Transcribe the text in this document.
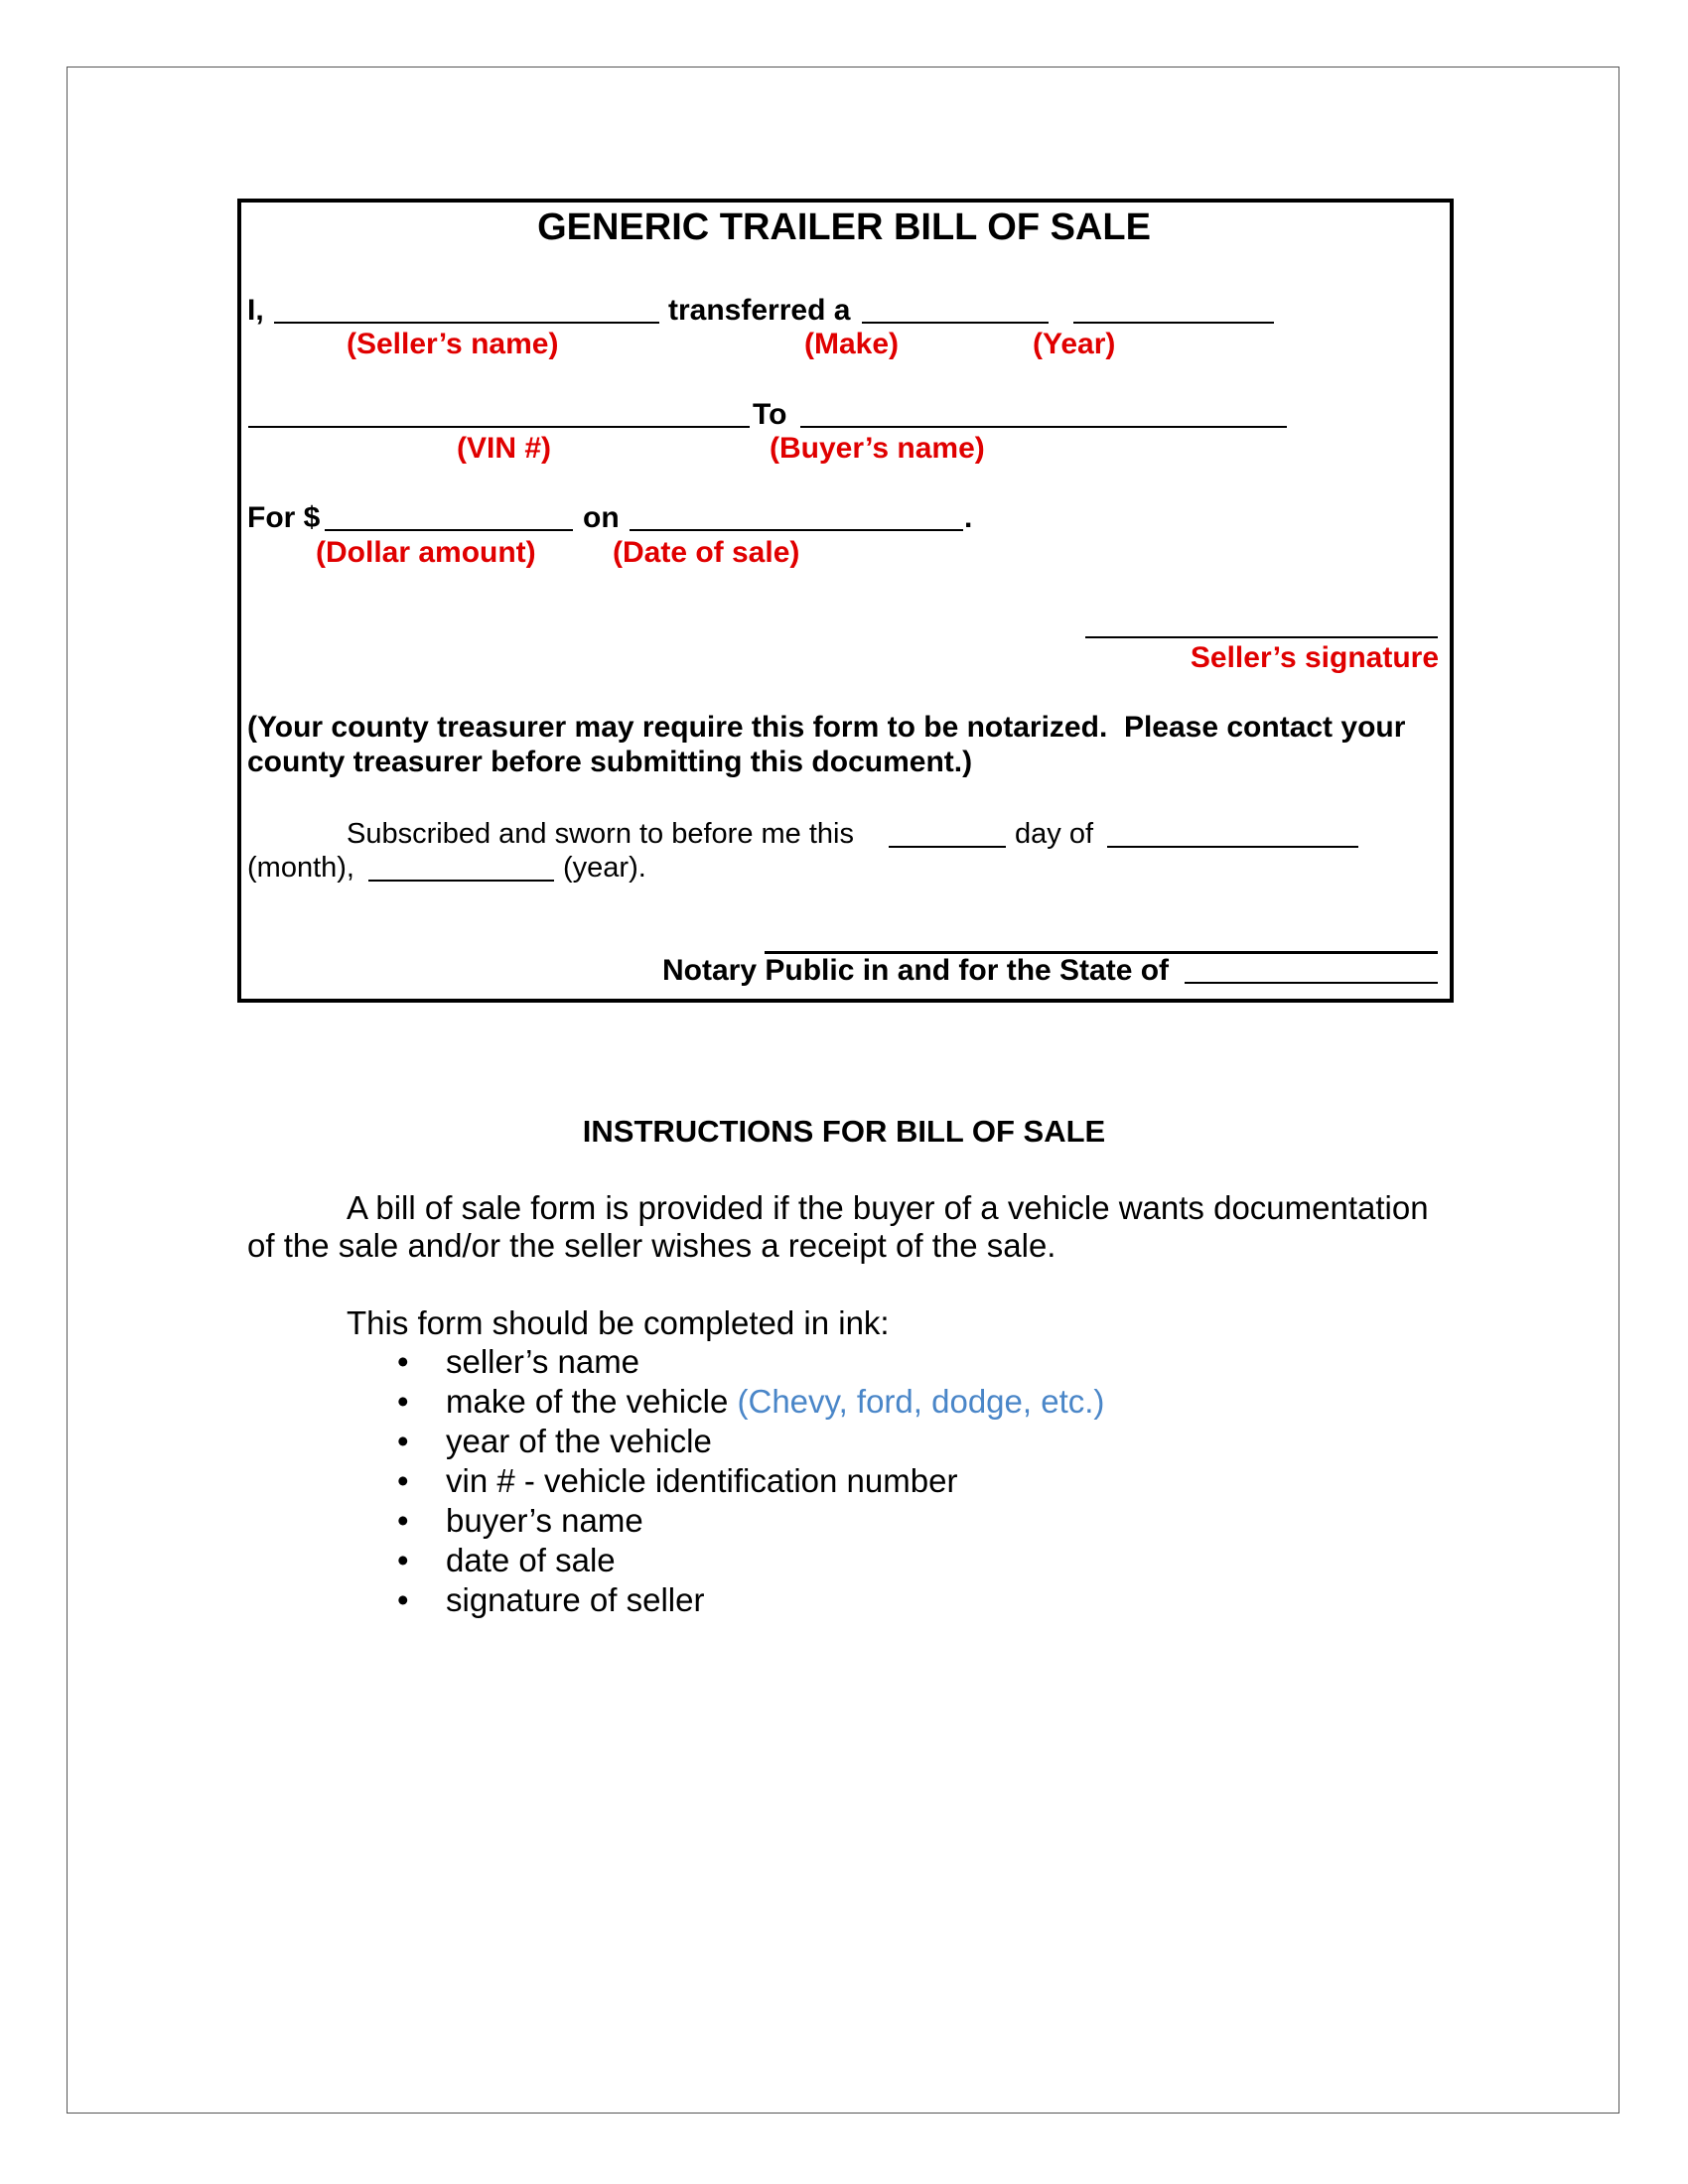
GENERIC TRAILER BILL OF SALE
I,	transferred a
(Seller’s name)	(Make)	(Year)
To
(VIN #)	(Buyer’s name)
For $	on	.
(Dollar amount)	(Date of sale)
Seller’s signature
(Your county treasurer may require this form to be notarized.  Please contact your
county treasurer before submitting this document.)
Subscribed and sworn to before me this	day of
(month),	(year).
Notary Public in and for the State of
INSTRUCTIONS FOR BILL OF SALE
A bill of sale form is provided if the buyer of a vehicle wants documentation
of the sale and/or the seller wishes a receipt of the sale.
This form should be completed in ink:
• seller’s name
• make of the vehicle (Chevy, ford, dodge, etc.)
• year of the vehicle
• vin # - vehicle identification number
• buyer’s name
• date of sale
• signature of seller
